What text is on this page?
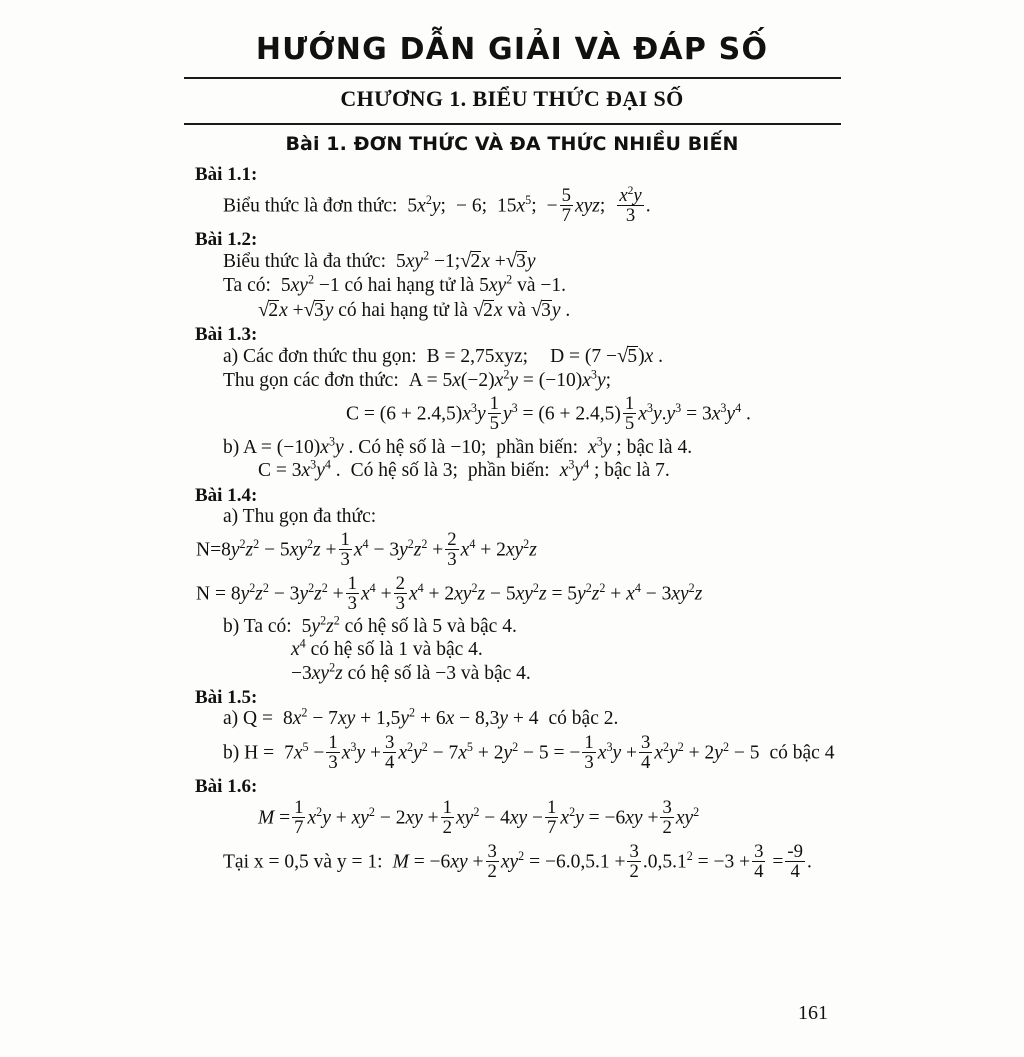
HƯỚNG DẪN GIẢI VÀ ĐÁP SỐ
CHƯƠNG 1. BIỂU THỨC ĐẠI SỐ
Bài 1. ĐƠN THỨC VÀ ĐA THỨC NHIỀU BIẾN
Bài 1.1:
Biểu thức là đơn thức: $5x^2y$; − 6; $15x^5$; − $\frac{5}{7}$ xyz; $\frac{x^2y}{3}$ .
Bài 1.2:
Biểu thức là đa thức: $5xy^2$ −1;√2x +√3y
Ta có: $5xy^2 -1$ có hai hạng tử là $5xy^2$ và −1.
√2x +√3y có hai hạng tử là √2x và √3y .
Bài 1.3:
a) Các đơn thức thu gọn: B = 2,75xyz; D = (7 −√5)x .
Thu gọn các đơn thức: $A = 5x(-2)x^2y = (-10)x^3y$;
$C = (6 + 2.4,5)x^3y \frac{1}{5} y^3 = (6 + 2.4,5) \frac{1}{5} x^3y.y^3 = 3x^3y^4$ .
b) $A = (-10)x^3y$ . Có hệ số là −10; phần biến: $x^3y$ ; bậc là 4.
$C = 3x^3y^4$ . Có hệ số là 3; phần biến: $x^3y^4$ ; bậc là 7.
Bài 1.4:
a) Thu gọn đa thức:
$N=8y^2z^2 - 5xy^2z + \frac{1}{3} x^4 - 3y^2z^2 + \frac{2}{3} x^4 + 2xy^2z$
$N = 8y^2z^2 - 3y^2z^2 + \frac{1}{3} x^4 + \frac{2}{3} x^4 + 2xy^2z - 5xy^2z = 5y^2z^2 + x^4 - 3xy^2z$
b) Ta có: $5y^2z^2$ có hệ số là 5 và bậc 4.
$x^4$ có hệ số là 1 và bậc 4.
$-3xy^2z$ có hệ số là −3 và bậc 4.
Bài 1.5:
a) $Q = 8x^2 - 7xy + 1,5y^2 + 6x - 8,3y + 4$ có bậc 2.
b) $H = 7x^5 - \frac{1}{3} x^3y + \frac{3}{4} x^2y^2 - 7x^5 + 2y^2 - 5$ = − $\frac{1}{3} x^3y + \frac{3}{4} x^2y^2 + 2y^2 - 5$ có bậc 4
Bài 1.6:
$M = \frac{1}{7} x^2y + xy^2 - 2xy + \frac{1}{2} xy^2 - 4xy - \frac{1}{7} x^2y = -6xy + \frac{3}{2} xy^2$
Tại x = 0,5 và y = 1: $M = -6xy + \frac{3}{2} xy^2 = -6.0,5.1 + \frac{3}{2} .0,5.1^2 = -3 + \frac{3}{4} = \frac{-9}{4}$ .
161
